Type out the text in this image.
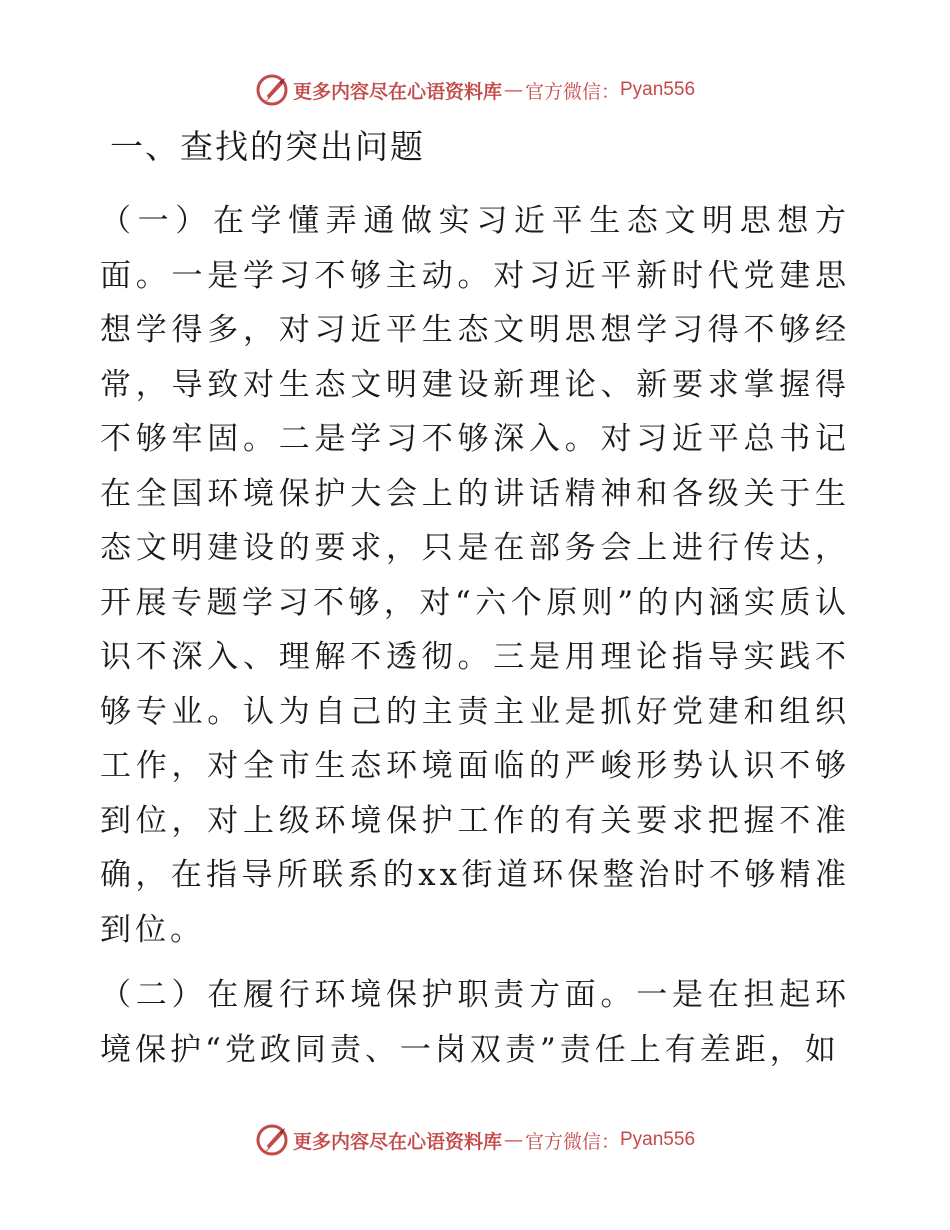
更多内容尽在心语资料库 — 官方微信： Pyan556
一、查找的突出问题

（一）在学懂弄通做实习近平生态文明思想方面。一是学习不够主动。对习近平新时代党建思想学得多，对习近平生态文明思想学习得不够经常，导致对生态文明建设新理论、新要求掌握得不够牢固。二是学习不够深入。对习近平总书记在全国环境保护大会上的讲话精神和各级关于生态文明建设的要求，只是在部务会上进行传达，开展专题学习不够，对“六个原则”的内涵实质认识不深入、理解不透彻。三是用理论指导实践不够专业。认为自己的主责主业是抓好党建和组织工作，对全市生态环境面临的严峻形势认识不够到位，对上级环境保护工作的有关要求把握不准确，在指导所联系的xx街道环保整治时不够精准到位。

（二）在履行环境保护职责方面。一是在担起环境保护“党政同责、一岗双责”责任上有差距，如

更多内容尽在心语资料库 — 官方微信： Pyan556
